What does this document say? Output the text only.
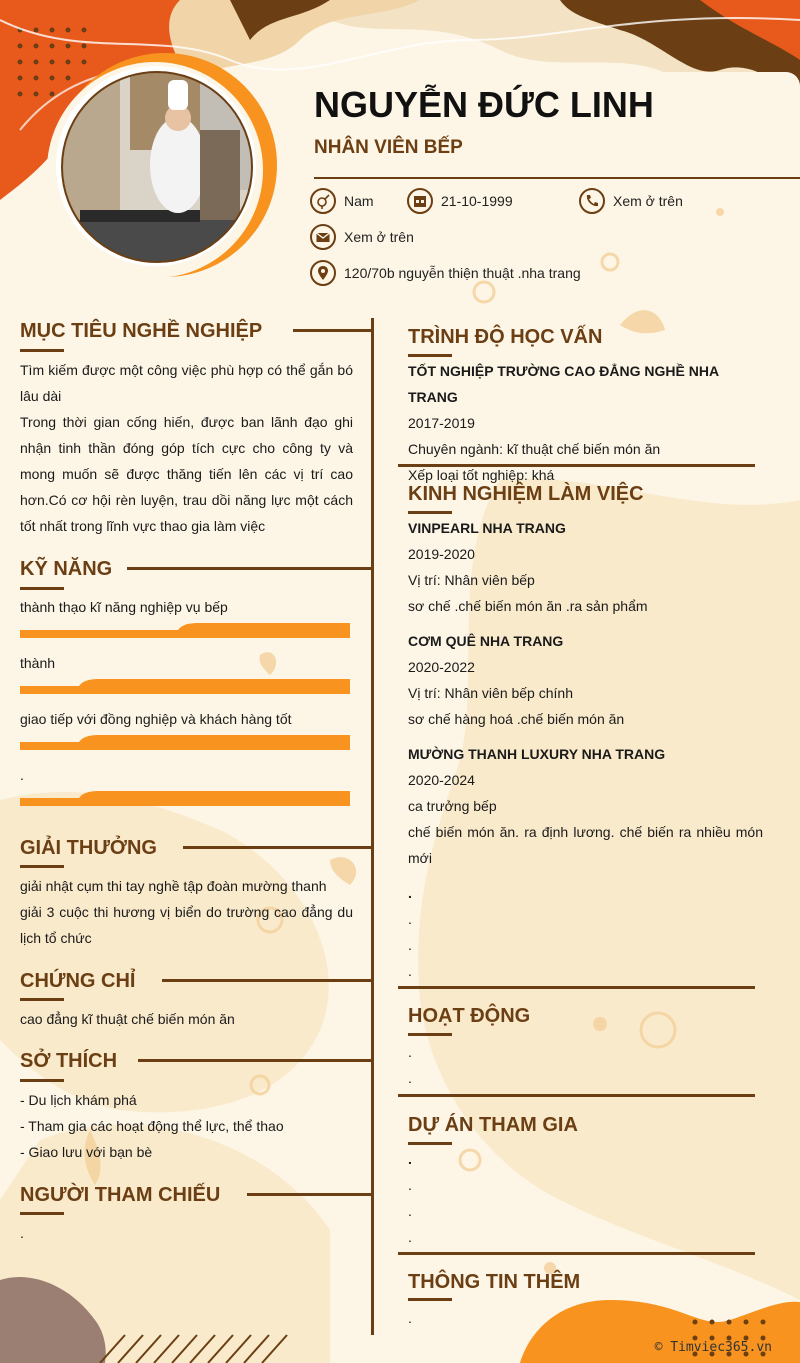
NGUYỄN ĐỨC LINH
NHÂN VIÊN BẾP
Nam	21-10-1999	Xem ở trên
Xem ở trên
120/70b nguyễn thiện thuật .nha trang
MỤC TIÊU NGHỀ NGHIỆP
Tìm kiếm được một công việc phù hợp có thể gắn bó lâu dài
Trong thời gian cống hiến, được ban lãnh đạo ghi nhận tinh thần đóng góp tích cực cho công ty và mong muốn sẽ được thăng tiến lên các vị trí cao hơn.Có cơ hội rèn luyện, trau dồi năng lực một cách tốt nhất trong lĩnh vực thao gia làm việc
KỸ NĂNG
thành thạo kĩ năng nghiệp vụ bếp
thành
giao tiếp với đồng nghiệp và khách hàng tốt
.
GIẢI THƯỞNG
giải nhật cụm thi tay nghề tập đoàn mường thanh
giải 3 cuộc thi hương vị biển do trường cao đẳng du lịch tổ chức
CHỨNG CHỈ
cao đẳng kĩ thuật chế biến món ăn
SỞ THÍCH
- Du lịch khám phá
- Tham gia các hoạt động thể lực, thể thao
- Giao lưu với bạn bè
NGƯỜI THAM CHIẾU
.
TRÌNH ĐỘ HỌC VẤN
TỐT NGHIỆP TRƯỜNG CAO ĐẲNG NGHỀ NHA TRANG
2017-2019
Chuyên ngành: kĩ thuật chế biến món ăn
Xếp loại tốt nghiệp: khá
KINH NGHIỆM LÀM VIỆC
VINPEARL NHA TRANG
2019-2020
Vị trí: Nhân viên bếp
sơ chế .chế biến món ăn .ra sản phẩm
CƠM QUÊ NHA TRANG
2020-2022
Vị trí: Nhân viên bếp chính
sơ chế hàng hoá .chế biến món ăn
MƯỜNG THANH LUXURY NHA TRANG
2020-2024
ca trưởng bếp
chế biến món ăn. ra định lương. chế biến ra nhiều món mới
.
.
.
.
HOẠT ĐỘNG
.
.
DỰ ÁN THAM GIA
.
.
.
.
THÔNG TIN THÊM
.
© Timviec365.vn
